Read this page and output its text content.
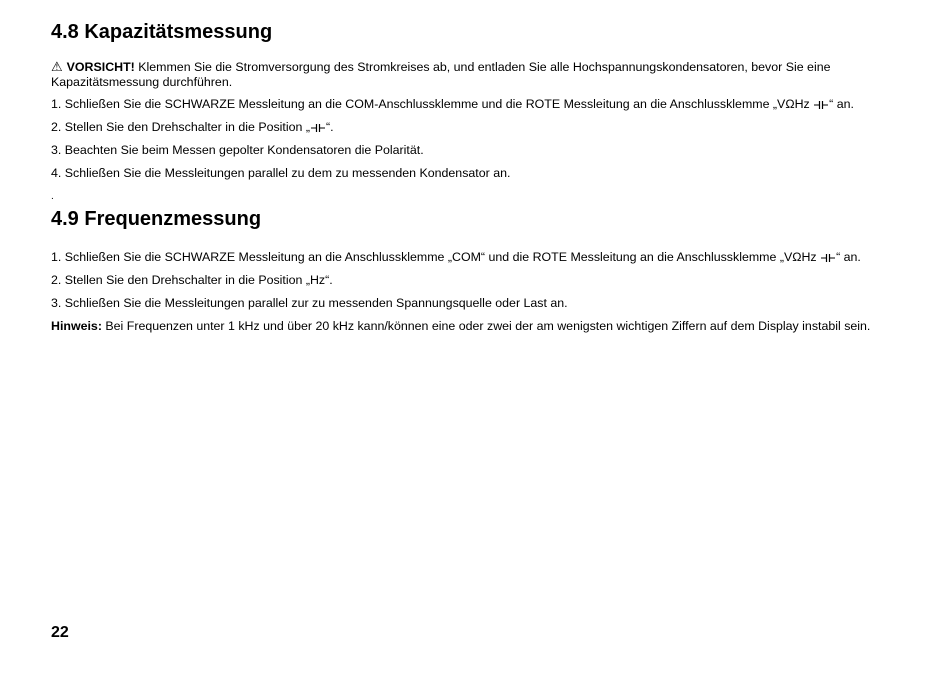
4.8 Kapazitätsmessung

⚠ VORSICHT! Klemmen Sie die Stromversorgung des Stromkreises ab, und entladen Sie alle Hochspannungskondensatoren, bevor Sie eine Kapazitätsmessung durchführen.

1. Schließen Sie die SCHWARZE Messleitung an die COM-Anschlussklemme und die ROTE Messleitung an die Anschlussklemme „VΩHz “ an.

2. Stellen Sie den Drehschalter in die Position „ “.

3. Beachten Sie beim Messen gepolter Kondensatoren die Polarität.

4. Schließen Sie die Messleitungen parallel zu dem zu messenden Kondensator an.

.

4.9 Frequenzmessung

1. Schließen Sie die SCHWARZE Messleitung an die Anschlussklemme „COM“ und die ROTE Messleitung an die Anschlussklemme „VΩHz “ an.

2. Stellen Sie den Drehschalter in die Position „Hz“.

3. Schließen Sie die Messleitungen parallel zur zu messenden Spannungsquelle oder Last an.

Hinweis: Bei Frequenzen unter 1 kHz und über 20 kHz kann/können eine oder zwei der am wenigsten wichtigen Ziffern auf dem Display instabil sein.

22
